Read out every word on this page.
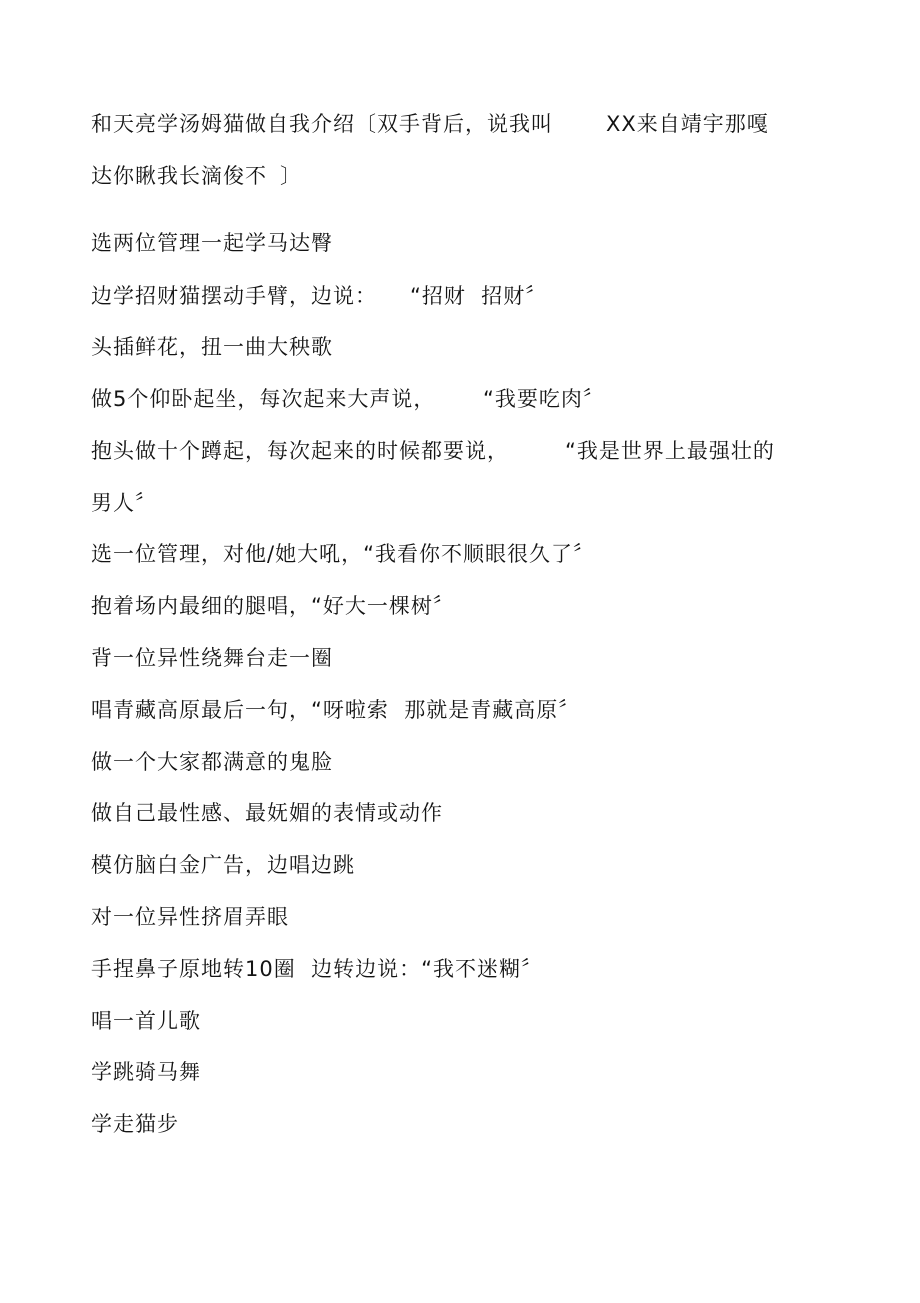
和天亮学汤姆猫做自我介绍〔双手背后，说我叫

	XX来自靖宇那嘎

达你瞅我长滴俊不

〕

选两位管理一起学马达臀

边学招财猫摆动手臂，边说：

“招财  招财〞

头插鲜花，扭一曲大秧歌

做5个仰卧起坐，每次起来大声说，

“我要吃肉〞

抱头做十个蹲起，每次起来的时候都要说，

	“我是世界上最强壮的

男人〞

选一位管理，对他/她大吼，“我看你不顺眼很久了〞

抱着场内最细的腿唱，“好大一棵树〞

背一位异性绕舞台走一圈

唱青藏高原最后一句，“呀啦索  那就是青藏高原〞

做一个大家都满意的鬼脸

做自己最性感、最妩媚的表情或动作

模仿脑白金广告，边唱边跳

对一位异性挤眉弄眼

手捏鼻子原地转10圈  边转边说：“我不迷糊〞

唱一首儿歌

学跳骑马舞

学走猫步
